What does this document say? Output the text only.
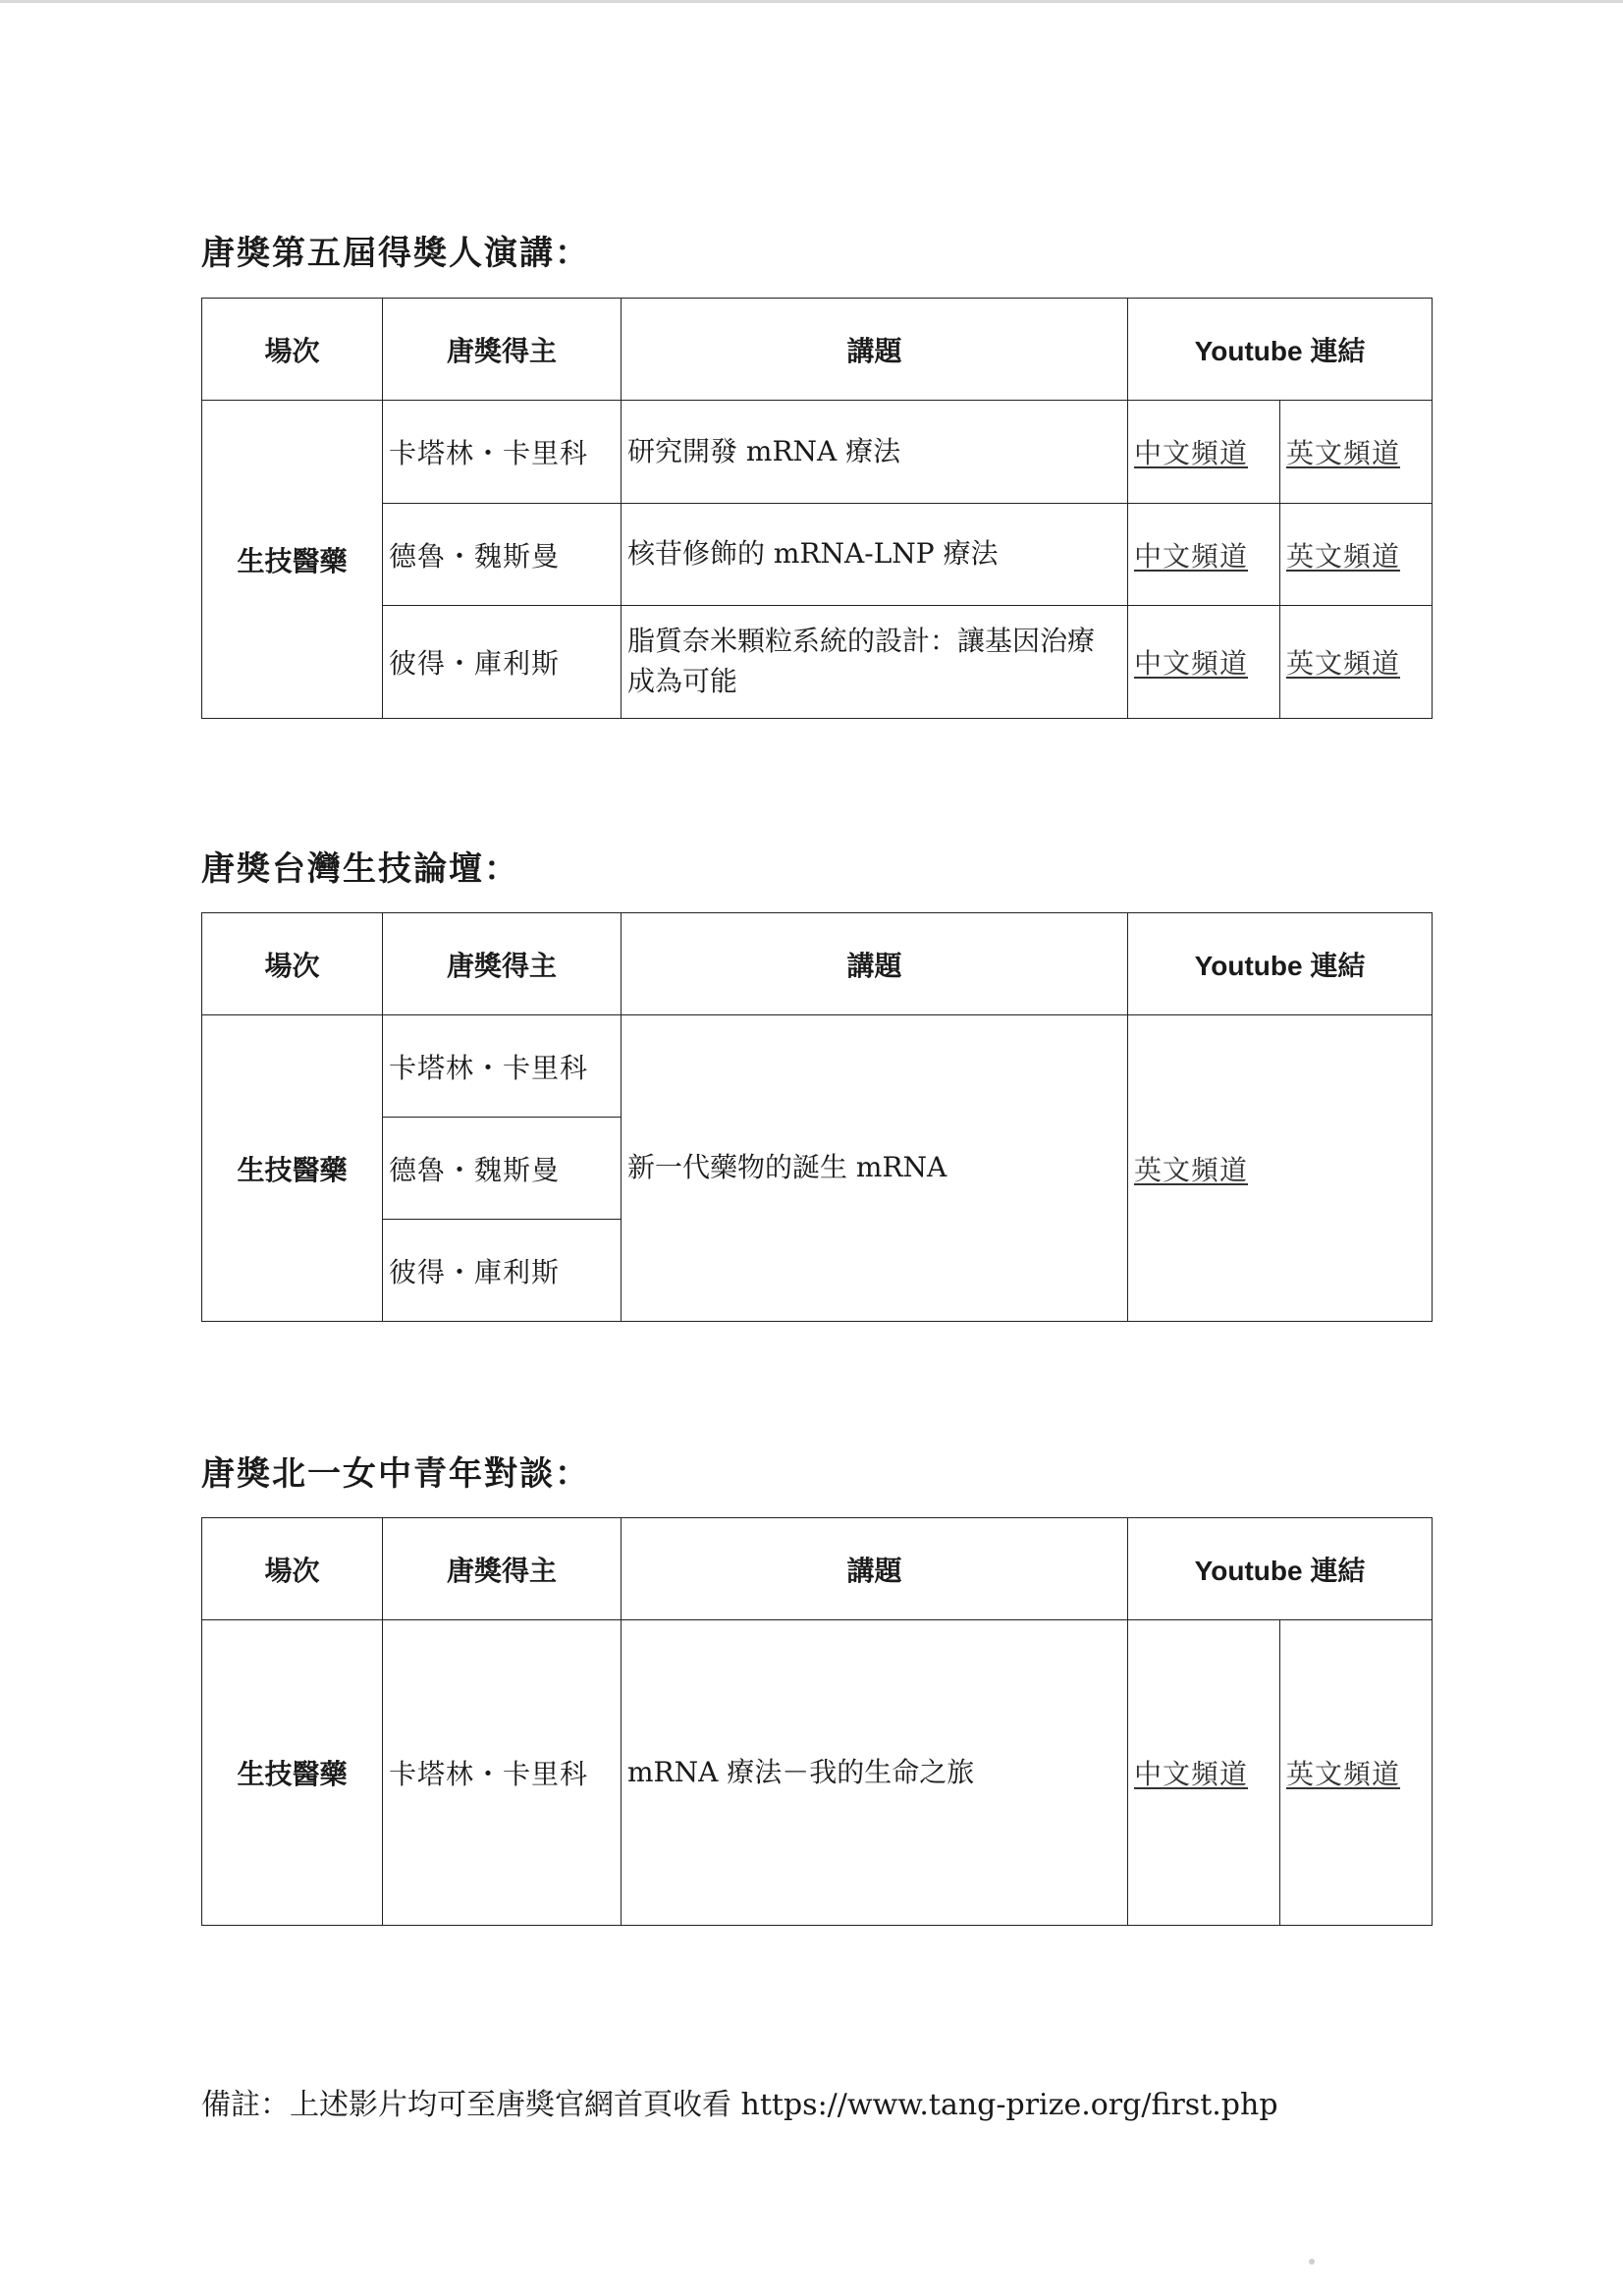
唐獎第五屆得獎人演講：
場次	唐獎得主	講題	Youtube 連結	
生技醫藥	卡塔林・卡里科	研究開發 mRNA 療法	中文頻道	英文頻道
	德魯・魏斯曼	核苷修飾的 mRNA-LNP 療法	中文頻道	英文頻道
	彼得・庫利斯	脂質奈米顆粒系統的設計：讓基因治療成為可能	中文頻道	英文頻道
唐獎台灣生技論壇：
場次	唐獎得主	講題	Youtube 連結
生技醫藥	卡塔林・卡里科	新一代藥物的誕生 mRNA	英文頻道
	德魯・魏斯曼		
	彼得・庫利斯		
唐獎北一女中青年對談：
場次	唐獎得主	講題	Youtube 連結	
生技醫藥	卡塔林・卡里科	mRNA 療法－我的生命之旅	中文頻道	英文頻道
備註：上述影片均可至唐獎官網首頁收看 https://www.tang-prize.org/first.php
